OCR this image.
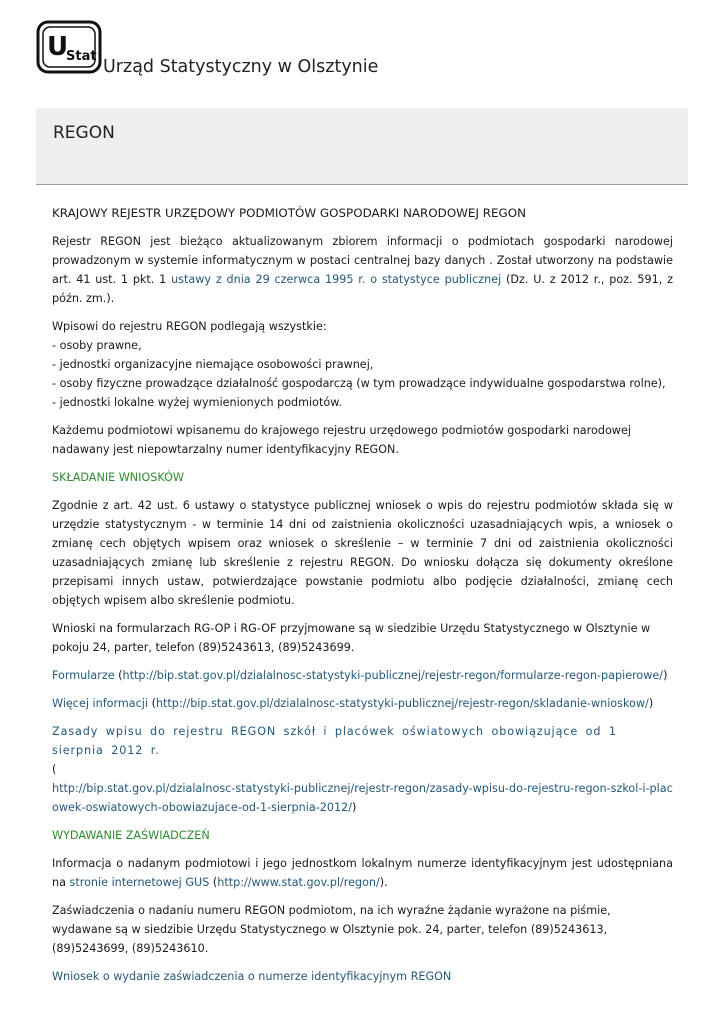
U
Stat
Urząd Statystyczny w Olsztynie
REGON

KRAJOWY REJESTR URZĘDOWY PODMIOTÓW GOSPODARKI NARODOWEJ REGON

Rejestr REGON jest bieżąco aktualizowanym zbiorem informacji o podmiotach gospodarki narodowej prowadzonym w systemie informatycznym w postaci centralnej bazy danych . Został utworzony na podstawie art. 41 ust. 1 pkt. 1 ustawy z dnia 29 czerwca 1995 r. o statystyce publicznej (Dz. U. z 2012 r., poz. 591, z późn. zm.).

Wpisowi do rejestru REGON podlegają wszystkie:
- osoby prawne,
- jednostki organizacyjne niemające osobowości prawnej,
- osoby fizyczne prowadzące działalność gospodarczą (w tym prowadzące indywidualne gospodarstwa rolne),
- jednostki lokalne wyżej wymienionych podmiotów.

Każdemu podmiotowi wpisanemu do krajowego rejestru urzędowego podmiotów gospodarki narodowej nadawany jest niepowtarzalny numer identyfikacyjny REGON.

SKŁADANIE WNIOSKÓW

Zgodnie z art. 42 ust. 6 ustawy o statystyce publicznej wniosek o wpis do rejestru podmiotów składa się w urzędzie statystycznym - w terminie 14 dni od zaistnienia okoliczności uzasadniających wpis, a wniosek o zmianę cech objętych wpisem oraz wniosek o skreślenie – w terminie 7 dni od zaistnienia okoliczności uzasadniających zmianę lub skreślenie z rejestru REGON. Do wniosku dołącza się dokumenty określone przepisami innych ustaw, potwierdzające powstanie podmiotu albo podjęcie działalności, zmianę cech objętych wpisem albo skreślenie podmiotu.

Wnioski na formularzach RG-OP i RG-OF przyjmowane są w siedzibie Urzędu Statystycznego w Olsztynie w pokoju 24, parter, telefon (89)5243613, (89)5243699.

Formularze (http://bip.stat.gov.pl/dzialalnosc-statystyki-publicznej/rejestr-regon/formularze-regon-papierowe/)

Więcej informacji (http://bip.stat.gov.pl/dzialalnosc-statystyki-publicznej/rejestr-regon/skladanie-wnioskow/)

Zasady wpisu do rejestru REGON szkół i placówek oświatowych obowiązujące od 1 sierpnia 2012 r.
(
http://bip.stat.gov.pl/dzialalnosc-statystyki-publicznej/rejestr-regon/zasady-wpisu-do-rejestru-regon-szkol-i-placowek-oswiatowych-obowiazujace-od-1-sierpnia-2012/)

WYDAWANIE ZAŚWIADCZEŃ

Informacja o nadanym podmiotowi i jego jednostkom lokalnym numerze identyfikacyjnym jest udostępniana na stronie internetowej GUS (http://www.stat.gov.pl/regon/).

Zaświadczenia o nadaniu numeru REGON podmiotom, na ich wyraźne żądanie wyrażone na piśmie, wydawane są w siedzibie Urzędu Statystycznego w Olsztynie pok. 24, parter, telefon (89)5243613, (89)5243699, (89)5243610.

Wniosek o wydanie zaświadczenia o numerze identyfikacyjnym REGON
